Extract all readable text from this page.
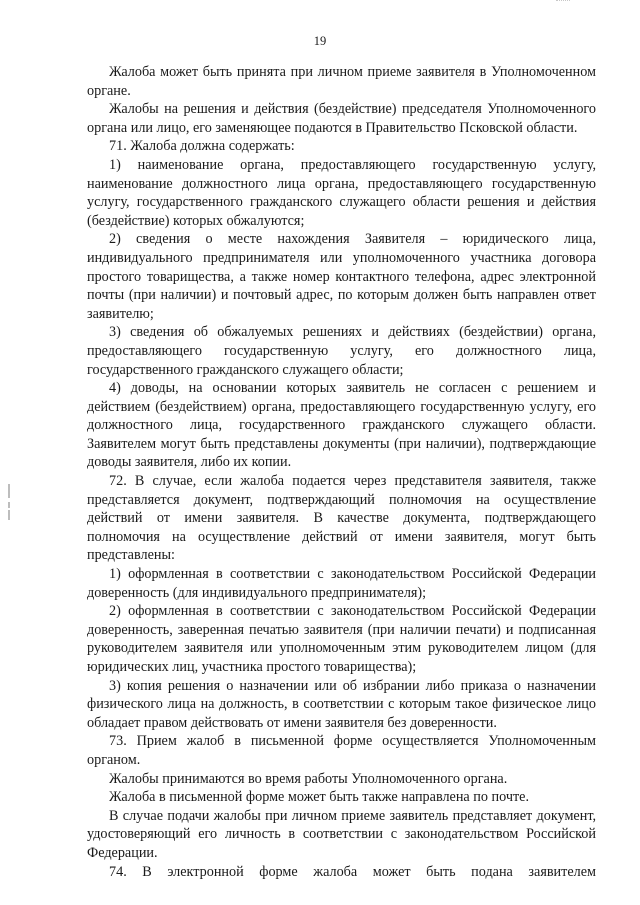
19

Жалоба может быть принята при личном приеме заявителя в Уполномоченном органе.

Жалобы на решения и действия (бездействие) председателя Уполномоченного органа или лицо, его заменяющее подаются в Правительство Псковской области.

71. Жалоба должна содержать:

1) наименование органа, предоставляющего государственную услугу, наименование должностного лица органа, предоставляющего государственную услугу, государственного гражданского служащего области решения и действия (бездействие) которых обжалуются;

2) сведения о месте нахождения Заявителя – юридического лица, индивидуального предпринимателя или уполномоченного участника договора простого товарищества, а также номер контактного телефона, адрес электронной почты (при наличии) и почтовый адрес, по которым должен быть направлен ответ заявителю;

3) сведения об обжалуемых решениях и действиях (бездействии) органа, предоставляющего государственную услугу, его должностного лица, государственного гражданского служащего области;

4) доводы, на основании которых заявитель не согласен с решением и действием (бездействием) органа, предоставляющего государственную услугу, его должностного лица, государственного гражданского служащего области. Заявителем могут быть представлены документы (при наличии), подтверждающие доводы заявителя, либо их копии.

72. В случае, если жалоба подается через представителя заявителя, также представляется документ, подтверждающий полномочия на осуществление действий от имени заявителя. В качестве документа, подтверждающего полномочия на осуществление действий от имени заявителя, могут быть представлены:

1) оформленная в соответствии с законодательством Российской Федерации доверенность (для индивидуального предпринимателя);

2) оформленная в соответствии с законодательством Российской Федерации доверенность, заверенная печатью заявителя (при наличии печати) и подписанная руководителем заявителя или уполномоченным этим руководителем лицом (для юридических лиц, участника простого товарищества);

3) копия решения о назначении или об избрании либо приказа о назначении физического лица на должность, в соответствии с которым такое физическое лицо обладает правом действовать от имени заявителя без доверенности.

73. Прием жалоб в письменной форме осуществляется Уполномоченным органом.

Жалобы принимаются во время работы Уполномоченного органа.

Жалоба в письменной форме может быть также направлена по почте.

В случае подачи жалобы при личном приеме заявитель представляет документ, удостоверяющий его личность в соответствии с законодательством Российской Федерации.

74. В электронной форме жалоба может быть подана заявителем
